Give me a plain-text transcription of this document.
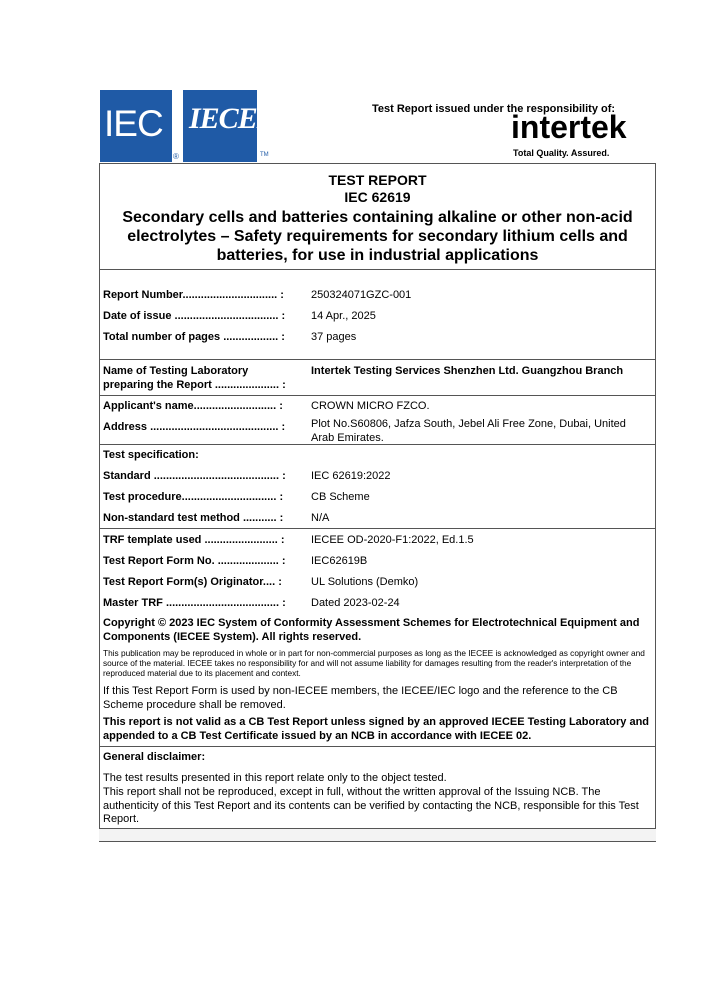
IEC
®
IECEE
TM
Test Report issued under the responsibility of:
intertek
Total Quality. Assured.
TEST REPORT
IEC 62619
Secondary cells and batteries containing alkaline or other non-acid electrolytes – Safety requirements for secondary lithium cells and batteries, for use in industrial applications
Report Number............................... :	250324071GZC-001
Date of issue .................................. :	14 Apr., 2025
Total number of pages .................. :	37 pages
Name of Testing Laboratory
preparing the Report ..................... :
Intertek Testing Services Shenzhen Ltd. Guangzhou Branch
Applicant's name........................... :	CROWN MICRO FZCO.
Address .......................................... :	Plot No.S60806, Jafza South, Jebel Ali Free Zone, Dubai, United Arab Emirates.
Test specification:
Standard ......................................... :	IEC 62619:2022
Test procedure............................... :	CB Scheme
Non-standard test method ........... :	N/A
TRF template used ........................ :	IECEE OD-2020-F1:2022, Ed.1.5
Test Report Form No. .................... :	IEC62619B
Test Report Form(s) Originator.... :	UL Solutions (Demko)
Master TRF ..................................... :	Dated 2023-02-24
Copyright © 2023 IEC System of Conformity Assessment Schemes for Electrotechnical Equipment and Components (IECEE System). All rights reserved.
This publication may be reproduced in whole or in part for non-commercial purposes as long as the IECEE is acknowledged as copyright owner and source of the material. IECEE takes no responsibility for and will not assume liability for damages resulting from the reader's interpretation of the reproduced material due to its placement and context.
If this Test Report Form is used by non-IECEE members, the IECEE/IEC logo and the reference to the CB Scheme procedure shall be removed.
This report is not valid as a CB Test Report unless signed by an approved IECEE Testing Laboratory and appended to a CB Test Certificate issued by an NCB in accordance with IECEE 02.
General disclaimer:
The test results presented in this report relate only to the object tested.
This report shall not be reproduced, except in full, without the written approval of the Issuing NCB. The authenticity of this Test Report and its contents can be verified by contacting the NCB, responsible for this Test Report.
